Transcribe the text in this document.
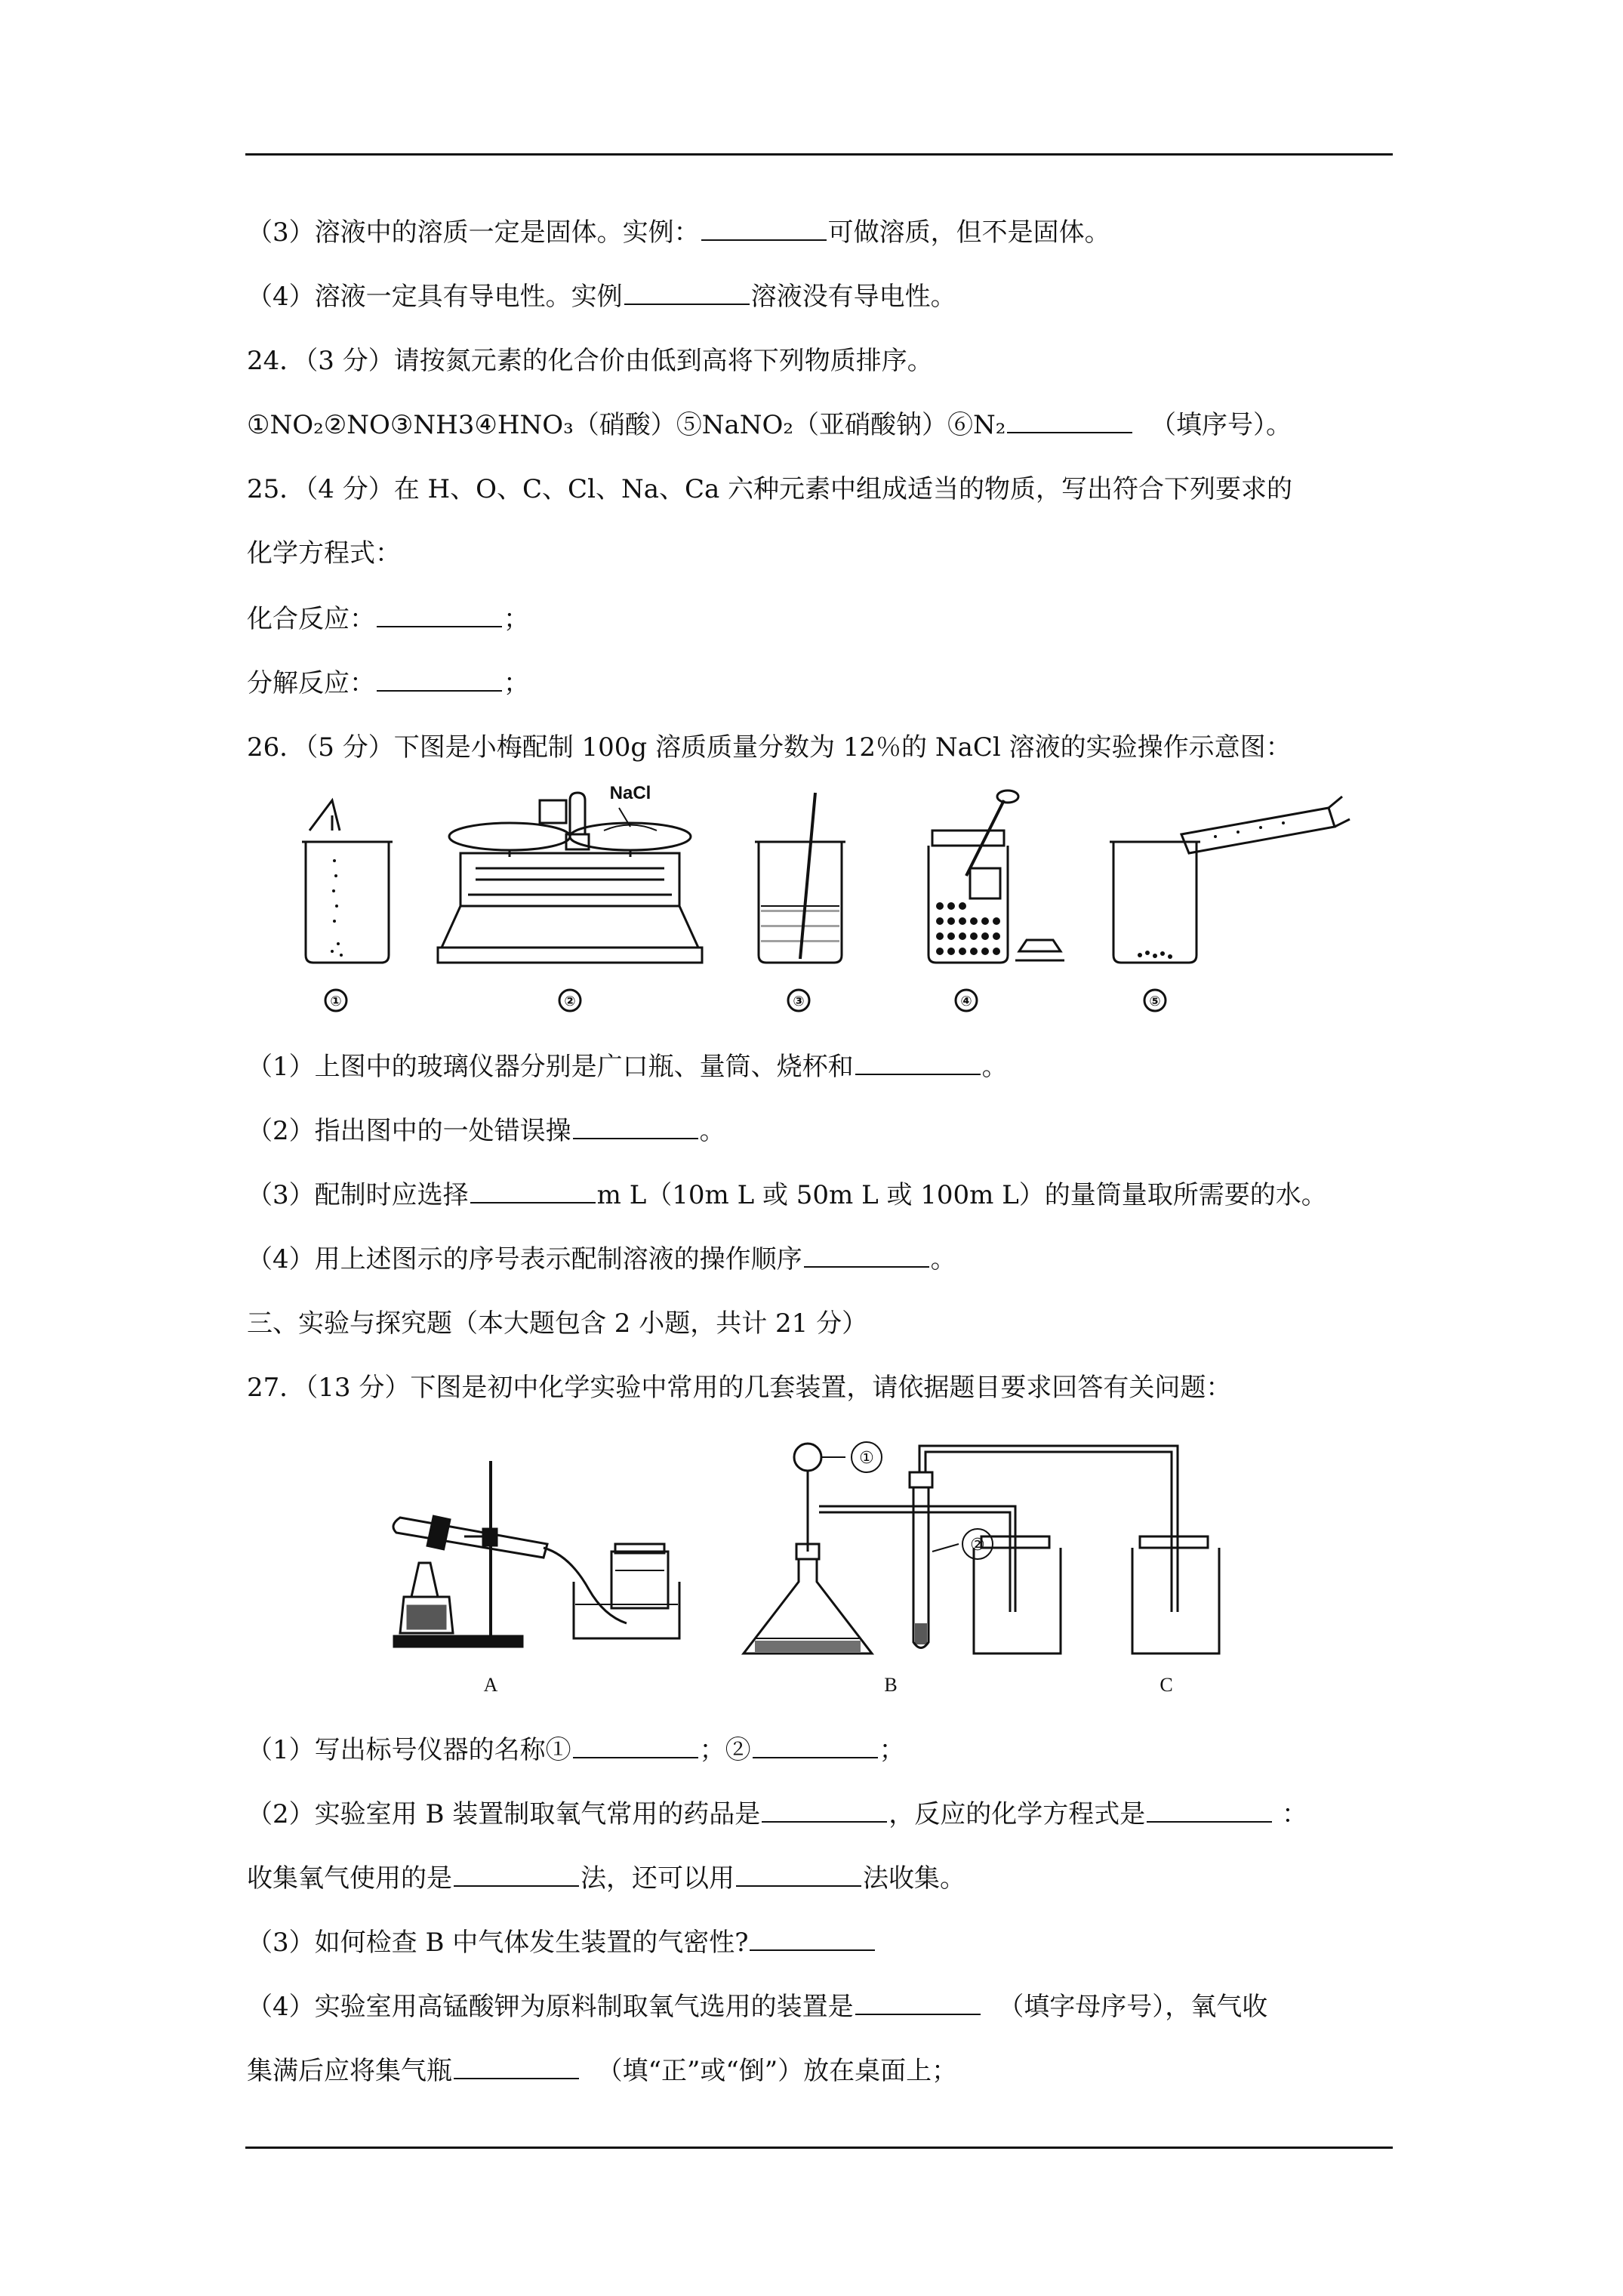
（3）溶液中的溶质一定是固体。实例：	可做溶质，但不是固体。
（4）溶液一定具有导电性。实例	溶液没有导电性。
24．（3 分）请按氮元素的化合价由低到高将下列物质排序。
①NO₂②NO③NH3④HNO₃（硝酸）⑤NaNO₂（亚硝酸钠）⑥N₂	（填序号）。
25．（4 分）在 H、O、C、Cl、Na、Ca 六种元素中组成适当的物质，写出符合下列要求的
化学方程式：
化合反应：	；
分解反应：	；
26．（5 分）下图是小梅配制 100g 溶质质量分数为 12％的 NaCl 溶液的实验操作示意图：
NaCl
①	②	③	④	⑤
（1）上图中的玻璃仪器分别是广口瓶、量筒、烧杯和	。
（2）指出图中的一处错误操	。
（3）配制时应选择	m L（10m L 或 50m L 或 100m L）的量筒量取所需要的水。
（4）用上述图示的序号表示配制溶液的操作顺序	。
三、实验与探究题（本大题包含 2 小题，共计 21 分）
27．（13 分）下图是初中化学实验中常用的几套装置，请依据题目要求回答有关问题：
①
②
A	B	C
（1）写出标号仪器的名称①	；②	；
（2）实验室用 B 装置制取氧气常用的药品是	，反应的化学方程式是	：
收集氧气使用的是	法，还可以用	法收集。
（3）如何检查 B 中气体发生装置的气密性?
（4）实验室用高锰酸钾为原料制取氧气选用的装置是	（填字母序号），氧气收
集满后应将集气瓶	（填“正”或“倒”）放在桌面上；
